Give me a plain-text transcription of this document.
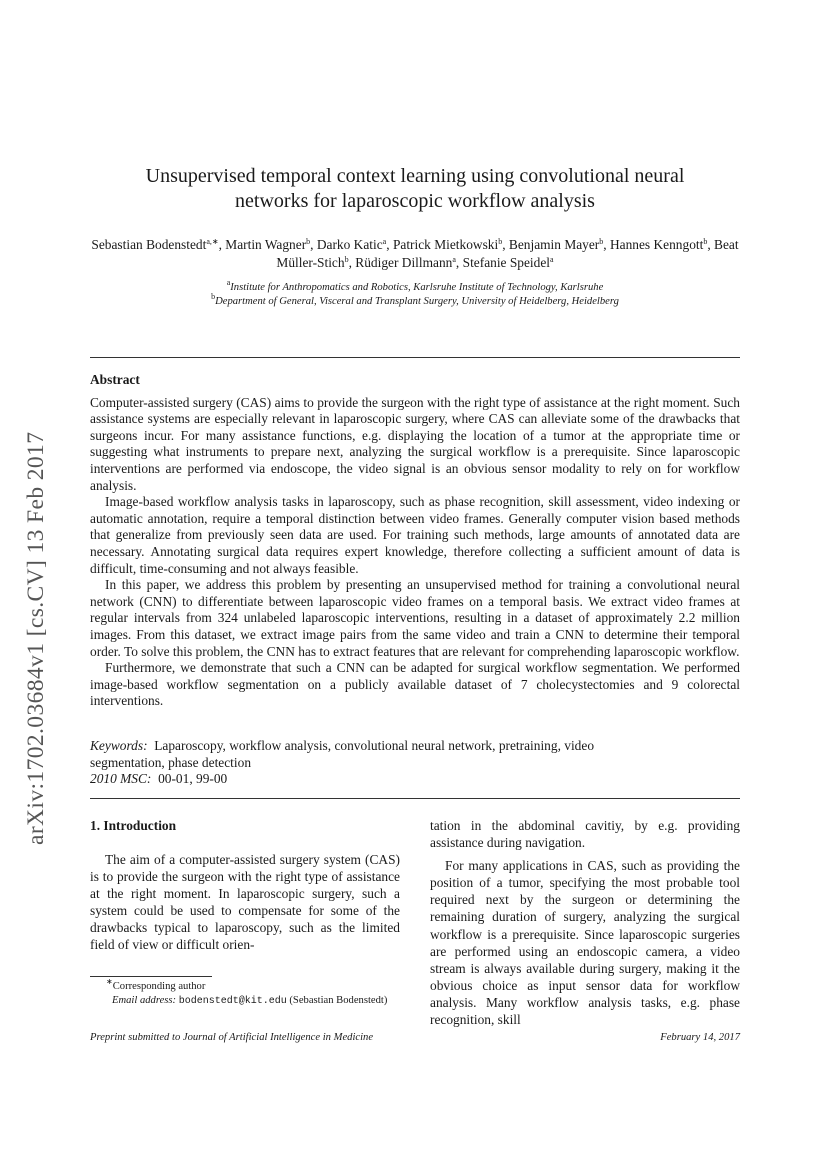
arXiv:1702.03684v1 [cs.CV] 13 Feb 2017
Unsupervised temporal context learning using convolutional neural
networks for laparoscopic workflow analysis
Sebastian Bodenstedt$^{a,∗}$, Martin Wagner$^b$, Darko Katic$^a$, Patrick Mietkowski$^b$, Benjamin Mayer$^b$, Hannes Kenngott$^b$, Beat Müller-Stich$^b$, Rüdiger Dillmann$^a$, Stefanie Speidel$^a$
$^a$Institute for Anthropomatics and Robotics, Karlsruhe Institute of Technology, Karlsruhe
$^b$Department of General, Visceral and Transplant Surgery, University of Heidelberg, Heidelberg
Abstract

Computer-assisted surgery (CAS) aims to provide the surgeon with the right type of assistance at the right moment. Such assistance systems are especially relevant in laparoscopic surgery, where CAS can alleviate some of the drawbacks that surgeons incur. For many assistance functions, e.g. displaying the location of a tumor at the appropriate time or suggesting what instruments to prepare next, analyzing the surgical workflow is a prerequisite. Since laparoscopic interventions are performed via endoscope, the video signal is an obvious sensor modality to rely on for workflow analysis.

Image-based workflow analysis tasks in laparoscopy, such as phase recognition, skill assessment, video indexing or automatic annotation, require a temporal distinction between video frames. Generally computer vision based methods that generalize from previously seen data are used. For training such methods, large amounts of annotated data are necessary. Annotating surgical data requires expert knowledge, therefore collecting a sufficient amount of data is difficult, time-consuming and not always feasible.

In this paper, we address this problem by presenting an unsupervised method for training a convolutional neural network (CNN) to differentiate between laparoscopic video frames on a temporal basis. We extract video frames at regular intervals from 324 unlabeled laparoscopic interventions, resulting in a dataset of approximately 2.2 million images. From this dataset, we extract image pairs from the same video and train a CNN to determine their temporal order. To solve this problem, the CNN has to extract features that are relevant for comprehending laparoscopic workflow.

Furthermore, we demonstrate that such a CNN can be adapted for surgical workflow segmentation. We performed image-based workflow segmentation on a publicly available dataset of 7 cholecystectomies and 9 colorectal interventions.

Keywords: Laparoscopy, workflow analysis, convolutional neural network, pretraining, video
segmentation, phase detection
2010 MSC: 00-01, 99-00
1. Introduction

The aim of a computer-assisted surgery system (CAS) is to provide the surgeon with the right type of assistance at the right moment. In laparoscopic surgery, such a system could be used to compensate for some of the drawbacks typical to laparoscopy, such as the limited field of view or difficult orien-

tation in the abdominal cavitiy, by e.g. providing assistance during navigation.

For many applications in CAS, such as providing the position of a tumor, specifying the most probable tool required next by the surgeon or determining the remaining duration of surgery, analyzing the surgical workflow is a prerequisite. Since laparoscopic surgeries are performed using an endoscopic camera, a video stream is always available during surgery, making it the obvious choice as input sensor data for workflow analysis. Many workflow analysis tasks, e.g. phase recognition, skill

∗Corresponding author
Email address: bodenstedt@kit.edu (Sebastian Bodenstedt)
Preprint submitted to Journal of Artificial Intelligence in Medicine	February 14, 2017
